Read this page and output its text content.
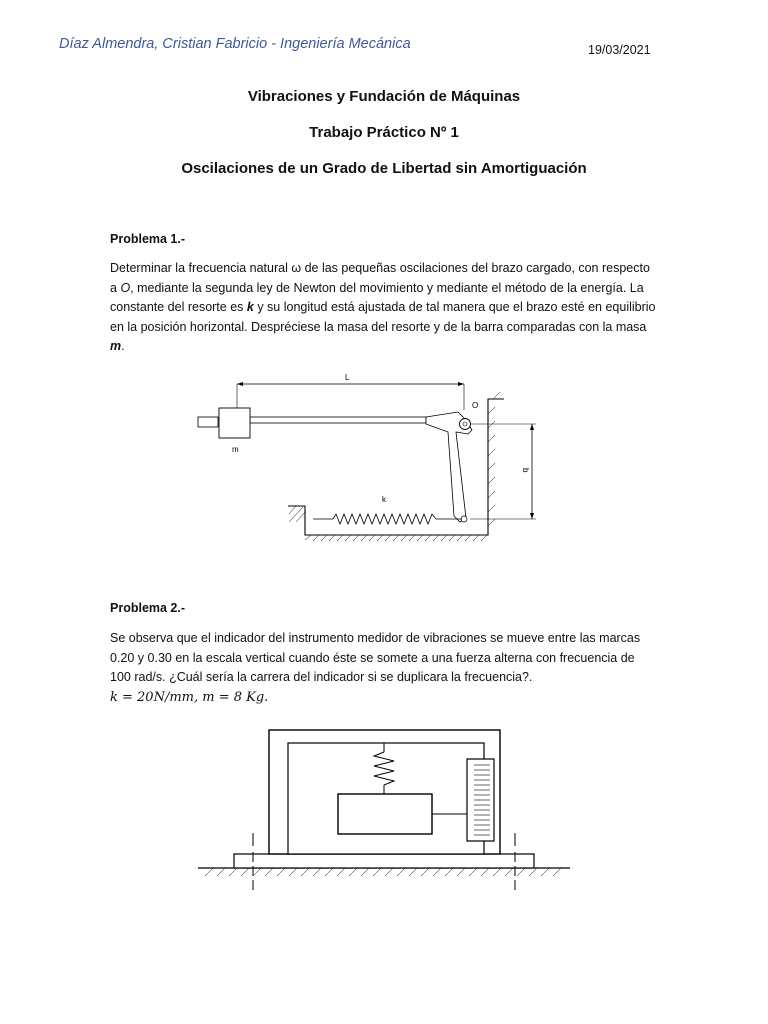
Díaz Almendra, Cristian Fabricio - Ingeniería Mecánica	19/03/2021
Vibraciones y Fundación de Máquinas
Trabajo Práctico Nº 1
Oscilaciones de un Grado de Libertad sin Amortiguación
Problema 1.-
Determinar la frecuencia natural ω de las pequeñas oscilaciones del brazo cargado, con respecto a O, mediante la segunda ley de Newton del movimiento y mediante el método de la energía. La constante del resorte es k y su longitud está ajustada de tal manera que el brazo esté en equilibrio en la posición horizontal. Despréciese la masa del resorte y de la barra comparadas con la masa m.
L
m
O
k
b
Problema 2.-
Se observa que el indicador del instrumento medidor de vibraciones se mueve entre las marcas 0.20 y 0.30 en la escala vertical cuando éste se somete a una fuerza alterna con frecuencia de 100 rad/s. ¿Cuál sería la carrera del indicador si se duplicara la frecuencia?.
k = 20N/mm, m = 8 Kg.
